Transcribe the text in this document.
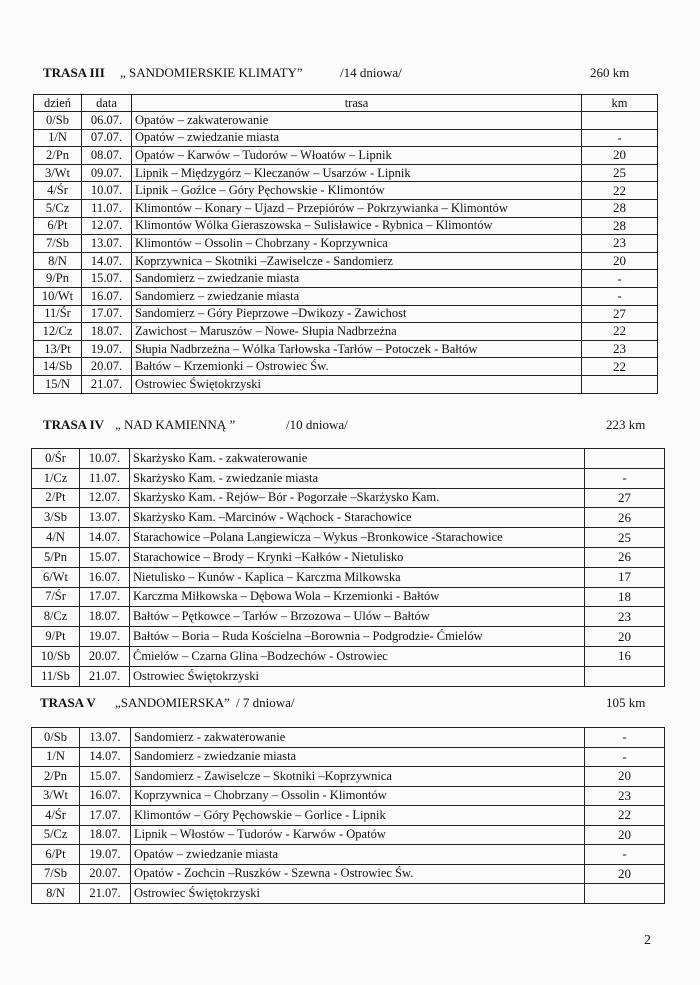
TRASA III „ SANDOMIERSKIE KLIMATY”	/14 dniowa/	260 km
dzień	data	trasa	km
0/Sb	06.07.	Opatów – zakwaterowanie	
1/N	07.07.	Opatów – zwiedzanie miasta	-
2/Pn	08.07.	Opatów – Karwów – Tudorów – Włoatów – Lipnik	20
3/Wt	09.07.	Lipnik – Międzygórz – Kleczanów – Usarzów - Lipnik	25
4/Śr	10.07.	Lipnik – Goźlce – Góry Pęchowskie - Klimontów	22
5/Cz	11.07.	Klimontów – Konary – Ujazd – Przepiórów – Pokrzywianka – Klimontów	28
6/Pt	12.07.	Klimontów Wólka Gieraszowska – Sulisławice - Rybnica – Klimontów	28
7/Sb	13.07.	Klimontów – Ossolin – Chobrzany - Koprzywnica	23
8/N	14.07.	Koprzywnica – Skotniki –Zawiselcze - Sandomierz	20
9/Pn	15.07.	Sandomierz – zwiedzanie miasta	-
10/Wt	16.07.	Sandomierz – zwiedzanie miasta	-
11/Śr	17.07.	Sandomierz – Góry Pieprzowe –Dwikozy - Zawichost	27
12/Cz	18.07.	Zawichost – Maruszów – Nowe- Słupia Nadbrzeżna	22
13/Pt	19.07.	Słupia Nadbrzeżna – Wólka Tarłowska -Tarłów – Potoczek - Bałtów	23
14/Sb	20.07.	Bałtów – Krzemionki – Ostrowiec Św.	22
15/N	21.07.	Ostrowiec Świętokrzyski	
TRASA IV „ NAD KAMIENNĄ ”	/10 dniowa/	223 km
0/Śr	10.07.	Skarżysko Kam. - zakwaterowanie	
1/Cz	11.07.	Skarżysko Kam. - zwiedzanie miasta	-
2/Pt	12.07.	Skarżysko Kam. - Rejów– Bór - Pogorzałe –Skarżysko Kam.	27
3/Sb	13.07.	Skarżysko Kam. –Marcinów - Wąchock - Starachowice	26
4/N	14.07.	Starachowice –Polana Langiewicza – Wykus –Bronkowice -Starachowice	25
5/Pn	15.07.	Starachowice – Brody – Krynki –Kałków - Nietulisko	26
6/Wt	16.07.	Nietulisko – Kunów - Kaplica – Karczma Milkowska	17
7/Śr	17.07.	Karczma Miłkowska – Dębowa Wola – Krzemionki - Bałtów	18
8/Cz	18.07.	Bałtów – Pętkowce – Tarłów – Brzozowa – Ulów – Bałtów	23
9/Pt	19.07.	Bałtów – Boria – Ruda Kościelna –Borownia – Podgrodzie- Ćmielów	20
10/Sb	20.07.	Ćmielów – Czarna Glina –Bodzechów - Ostrowiec	16
11/Sb	21.07.	Ostrowiec Świętokrzyski	
TRASA V „SANDOMIERSKA” / 7 dniowa/	105 km
0/Sb	13.07.	Sandomierz - zakwaterowanie	-
1/N	14.07.	Sandomierz - zwiedzanie miasta	-
2/Pn	15.07.	Sandomierz - Zawiselcze – Skotniki –Koprzywnica	20
3/Wt	16.07.	Koprzywnica – Chobrzany – Ossolin - Klimontów	23
4/Śr	17.07.	Klimontów – Góry Pęchowskie – Gorlice - Lipnik	22
5/Cz	18.07.	Lipnik – Włostów – Tudorów - Karwów - Opatów	20
6/Pt	19.07.	Opatów – zwiedzanie miasta	-
7/Sb	20.07.	Opatów - Zochcin –Ruszków - Szewna - Ostrowiec Św.	20
8/N	21.07.	Ostrowiec Świętokrzyski	
2
